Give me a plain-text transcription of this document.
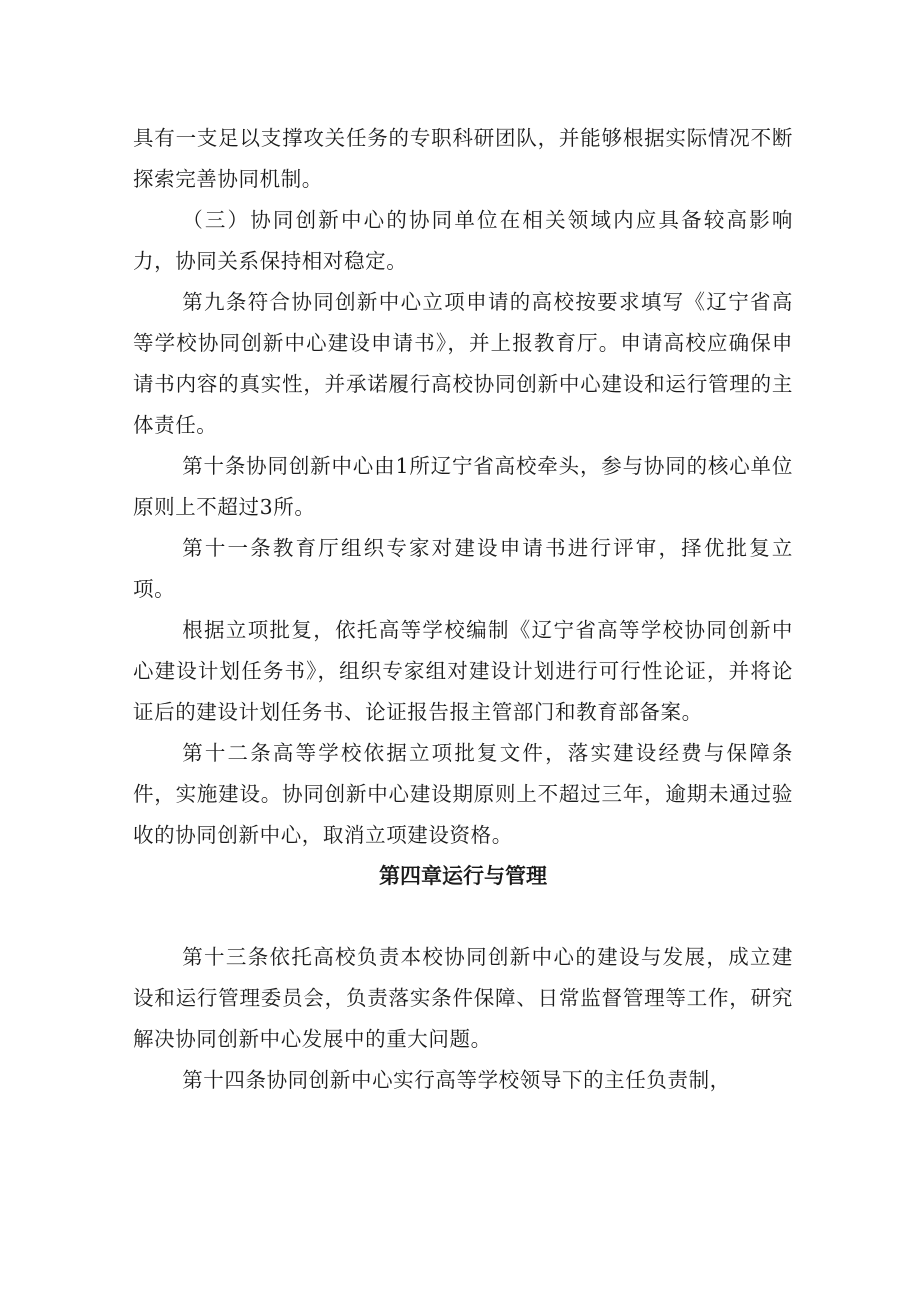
具有一支足以支撑攻关任务的专职科研团队，并能够根据实际情况不断探索完善协同机制。

（三）协同创新中心的协同单位在相关领域内应具备较高影响力，协同关系保持相对稳定。

第九条符合协同创新中心立项申请的高校按要求填写《辽宁省高等学校协同创新中心建设申请书》，并上报教育厅。申请高校应确保申请书内容的真实性，并承诺履行高校协同创新中心建设和运行管理的主体责任。

第十条协同创新中心由1所辽宁省高校牵头，参与协同的核心单位原则上不超过3所。

第十一条教育厅组织专家对建设申请书进行评审，择优批复立项。

根据立项批复，依托高等学校编制《辽宁省高等学校协同创新中心建设计划任务书》，组织专家组对建设计划进行可行性论证，并将论证后的建设计划任务书、论证报告报主管部门和教育部备案。

第十二条高等学校依据立项批复文件，落实建设经费与保障条件，实施建设。协同创新中心建设期原则上不超过三年，逾期未通过验收的协同创新中心，取消立项建设资格。

第四章运行与管理

第十三条依托高校负责本校协同创新中心的建设与发展，成立建设和运行管理委员会，负责落实条件保障、日常监督管理等工作，研究解决协同创新中心发展中的重大问题。

第十四条协同创新中心实行高等学校领导下的主任负责制，
